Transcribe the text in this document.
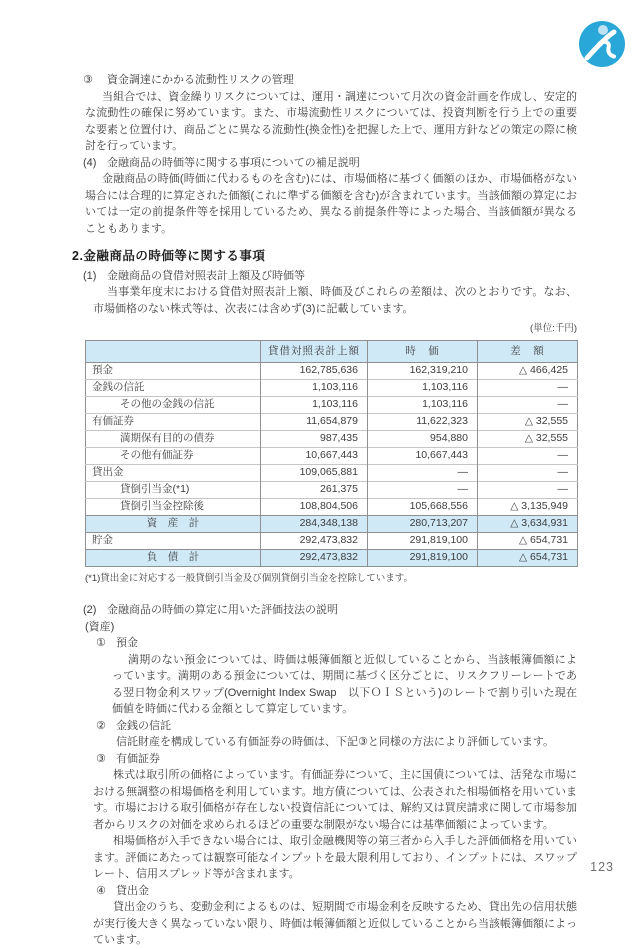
③	資金調達にかかる流動性リスクの管理

当組合では、資金繰りリスクについては、運用・調達について月次の資金計画を作成し、安定的な流動性の確保に努めています。また、市場流動性リスクについては、投資判断を行う上での重要な要素と位置付け、商品ごとに異なる流動性(換金性)を把握した上で、運用方針などの策定の際に検討を行っています。

(4) 金融商品の時価等に関する事項についての補足説明

金融商品の時価(時価に代わるものを含む)には、市場価格に基づく価額のほか、市場価格がない場合には合理的に算定された価額(これに準ずる価額を含む)が含まれています。当該価額の算定においては一定の前提条件等を採用しているため、異なる前提条件等によった場合、当該価額が異なることもあります。

2.金融商品の時価等に関する事項
(1) 金融商品の貸借対照表計上額及び時価等

当事業年度末における貸借対照表計上額、時価及びこれらの差額は、次のとおりです。なお、市場価格のない株式等は、次表には含めず(3)に記載しています。

(単位:千円)
	貸借対照表計上額	時　価	差　額
預金	162,785,636	162,319,210	△ 466,425
金銭の信託	1,103,116	1,103,116	―
その他の金銭の信託	1,103,116	1,103,116	―
有価証券	11,654,879	11,622,323	△ 32,555
満期保有目的の債券	987,435	954,880	△ 32,555
その他有価証券	10,667,443	10,667,443	―
貸出金	109,065,881	―	―
貸倒引当金(*1)	261,375	―	―
貸倒引当金控除後	108,804,506	105,668,556	△ 3,135,949
資　産　計	284,348,138	280,713,207	△ 3,634,931
貯金	292,473,832	291,819,100	△ 654,731
負　債　計	292,473,832	291,819,100	△ 654,731
(*1)貸出金に対応する一般貸倒引当金及び個別貸倒引当金を控除しています。
(2) 金融商品の時価の算定に用いた評価技法の説明
(資産)
① 預金

満期のない預金については、時価は帳簿価額と近似していることから、当該帳簿価額によっています。満期のある預金については、期間に基づく区分ごとに、リスクフリーレートである翌日物金利スワップ(Overnight Index Swap　以下ＯＩＳという)のレートで割り引いた現在価値を時価に代わる金額として算定しています。

② 金銭の信託

信託財産を構成している有価証券の時価は、下記③と同様の方法により評価しています。

③ 有価証券

株式は取引所の価格によっています。有価証券について、主に国債については、活発な市場における無調整の相場価格を利用しています。地方債については、公表された相場価格を用いています。市場における取引価格が存在しない投資信託については、解約又は買戻請求に関して市場参加者からリスクの対価を求められるほどの重要な制限がない場合には基準価額によっています。

相場価格が入手できない場合には、取引金融機関等の第三者から入手した評価価格を用いています。評価にあたっては観察可能なインプットを最大限利用しており、インプットには、スワップレート、信用スプレッド等が含まれます。

④ 貸出金

貸出金のうち、変動金利によるものは、短期間で市場金利を反映するため、貸出先の信用状態が実行後大きく異なっていない限り、時価は帳簿価額と近似していることから当該帳簿価額によっています。

123
